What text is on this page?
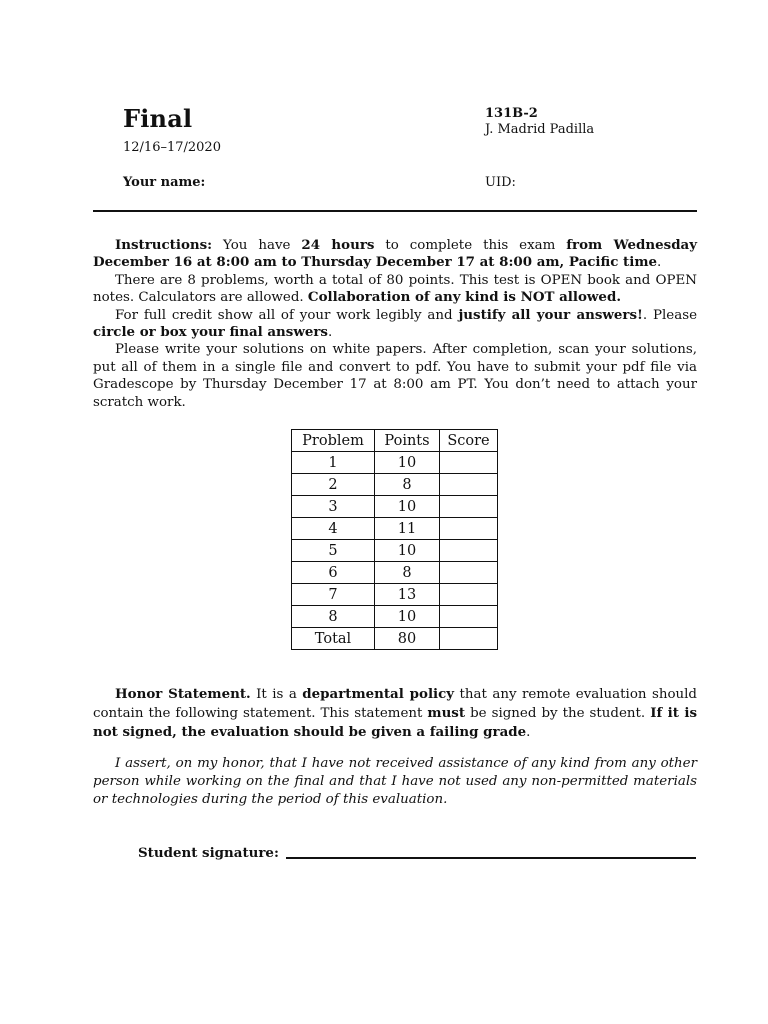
Final
12/16–17/2020
131B-2
J. Madrid Padilla
Your name:	UID:

Instructions: You have 24 hours to complete this exam from Wednesday December 16 at 8:00 am to Thursday December 17 at 8:00 am, Pacific time.

There are 8 problems, worth a total of 80 points. This test is OPEN book and OPEN notes. Calculators are allowed. Collaboration of any kind is NOT allowed.

For full credit show all of your work legibly and justify all your answers!. Please circle or box your final answers.

Please write your solutions on white papers. After completion, scan your solutions, put all of them in a single file and convert to pdf. You have to submit your pdf file via Gradescope by Thursday December 17 at 8:00 am PT. You don’t need to attach your scratch work.

Problem	Points	Score
1	10	
2	8	
3	10	
4	11	
5	10	
6	8	
7	13	
8	10	
Total	80	

Honor Statement. It is a departmental policy that any remote evaluation should contain the following statement. This statement must be signed by the student. If it is not signed, the evaluation should be given a failing grade.

I assert, on my honor, that I have not received assistance of any kind from any other person while working on the final and that I have not used any non-permitted materials or technologies during the period of this evaluation.

Student signature:
